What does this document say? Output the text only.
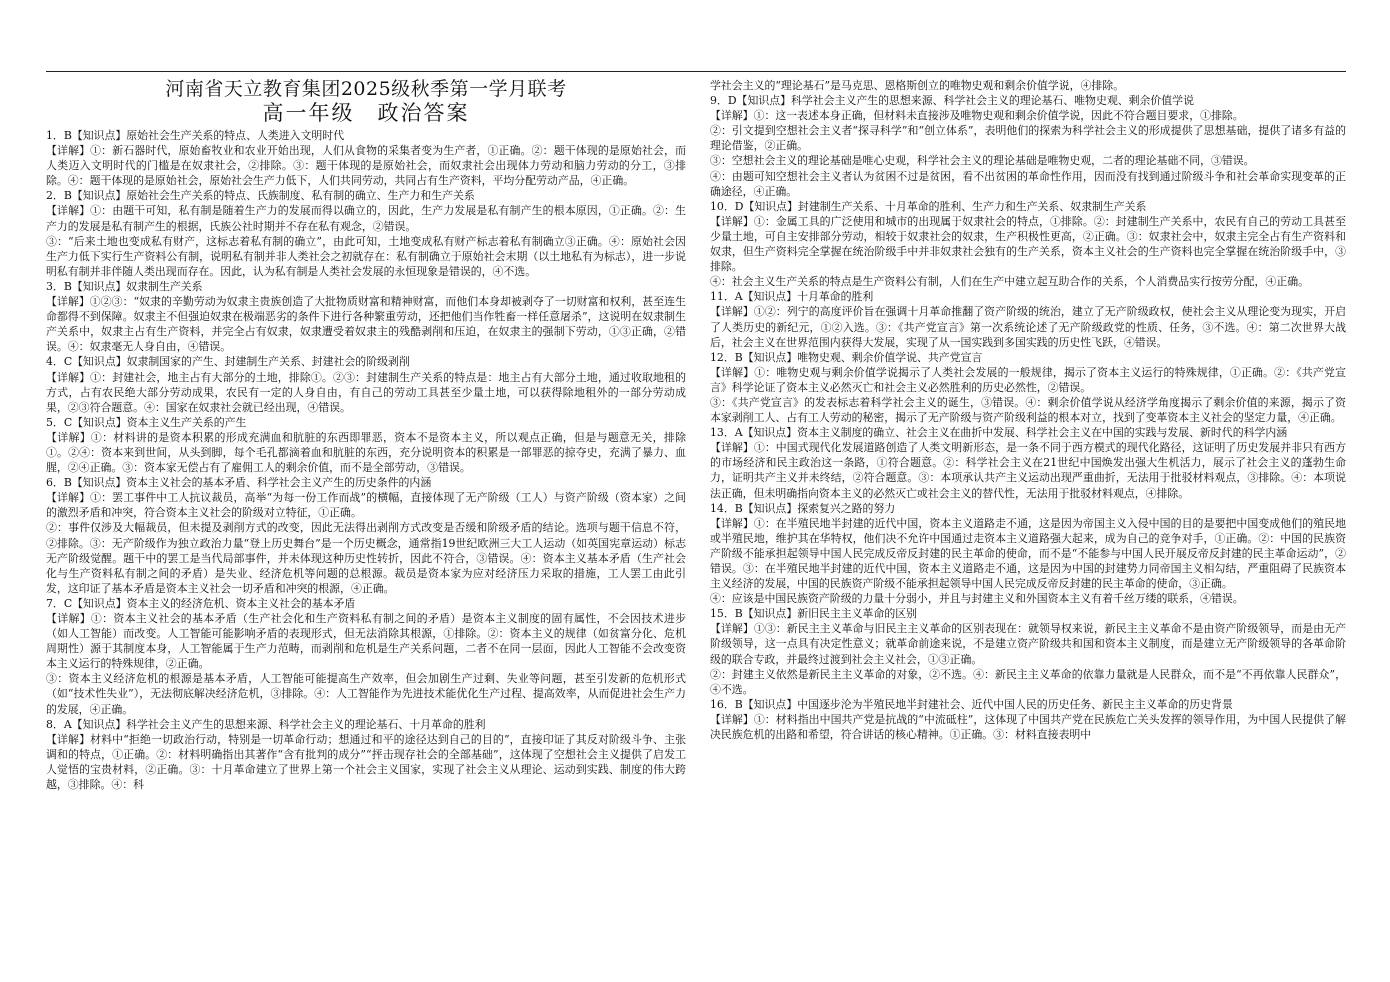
河南省天立教育集团2025级秋季第一学月联考
高一年级　政治答案

1．B【知识点】原始社会生产关系的特点、人类进入文明时代

【详解】①：新石器时代，原始畜牧业和农业开始出现，人们从食物的采集者变为生产者，①正确。②：题干体现的是原始社会，而人类迈入文明时代的门槛是在奴隶社会，②排除。③：题干体现的是原始社会，而奴隶社会出现体力劳动和脑力劳动的分工，③排除。④：题干体现的是原始社会，原始社会生产力低下，人们共同劳动，共同占有生产资料，平均分配劳动产品，④正确。

2．B【知识点】原始社会生产关系的特点、氏族制度、私有制的确立、生产力和生产关系

【详解】①：由题干可知，私有制是随着生产力的发展而得以确立的，因此，生产力发展是私有制产生的根本原因，①正确。②：生产力的发展是私有制产生的根据，氏族公社时期并不存在私有观念，②错误。

③：“后来土地也变成私有财产，这标志着私有制的确立”，由此可知，土地变成私有财产标志着私有制确立③正确。④：原始社会因生产力低下实行生产资料公有制，说明私有制并非人类社会之初就存在：私有制确立于原始社会末期（以土地私有为标志），进一步说明私有制并非伴随人类出现而存在。因此，认为私有制是人类社会发展的永恒现象是错误的，④不选。

3．B【知识点】奴隶制生产关系

【详解】①②③：“奴隶的辛勤劳动为奴隶主贵族创造了大批物质财富和精神财富，而他们本身却被剥夺了一切财富和权利，甚至连生命都得不到保障。奴隶主不但强迫奴隶在极端恶劣的条件下进行各种繁重劳动，还把他们当作牲畜一样任意屠杀”，这说明在奴隶制生产关系中，奴隶主占有生产资料，并完全占有奴隶，奴隶遭受着奴隶主的残酷剥削和压迫，在奴隶主的强制下劳动，①③正确，②错误。④：奴隶毫无人身自由，④错误。

4．C【知识点】奴隶制国家的产生、封建制生产关系、封建社会的阶级剥削

【详解】①：封建社会，地主占有大部分的土地，排除①。②③：封建制生产关系的特点是：地主占有大部分土地，通过收取地租的方式，占有农民绝大部分劳动成果，农民有一定的人身自由，有自己的劳动工具甚至少量土地，可以获得除地租外的一部分劳动成果，②③符合题意。④：国家在奴隶社会就已经出现，④错误。

5．C【知识点】资本主义生产关系的产生

【详解】①：材料讲的是资本积累的形成充满血和肮脏的东西即罪恶，资本不是资本主义，所以观点正确，但是与题意无关，排除①。②④：资本来到世间，从头到脚，每个毛孔都滴着血和肮脏的东西，充分说明资本的积累是一部罪恶的掠夺史，充满了暴力、血腥，②④正确。③：资本家无偿占有了雇佣工人的剩余价值，而不是全部劳动，③错误。

6．B【知识点】资本主义社会的基本矛盾、科学社会主义产生的历史条件的内涵

【详解】①：罢工事件中工人抗议裁员，高举“为每一份工作而战”的横幅，直接体现了无产阶级（工人）与资产阶级（资本家）之间的激烈矛盾和冲突，符合资本主义社会的阶级对立特征，①正确。

②：事件仅涉及大幅裁员，但未提及剥削方式的改变，因此无法得出剥削方式改变是否缓和阶级矛盾的结论。选项与题干信息不符，②排除。③：无产阶级作为独立政治力量“登上历史舞台”是一个历史概念，通常指19世纪欧洲三大工人运动（如英国宪章运动）标志无产阶级觉醒。题干中的罢工是当代局部事件，并未体现这种历史性转折，因此不符合，③错误。④：资本主义基本矛盾（生产社会化与生产资料私有制之间的矛盾）是失业、经济危机等问题的总根源。裁员是资本家为应对经济压力采取的措施，工人罢工由此引发，这印证了基本矛盾是资本主义社会一切矛盾和冲突的根源，④正确。

7．C【知识点】资本主义的经济危机、资本主义社会的基本矛盾

【详解】①：资本主义社会的基本矛盾（生产社会化和生产资料私有制之间的矛盾）是资本主义制度的固有属性，不会因技术进步（如人工智能）而改变。人工智能可能影响矛盾的表现形式，但无法消除其根源，①排除。②：资本主义的规律（如贫富分化、危机周期性）源于其制度本身，人工智能属于生产力范畴，而剥削和危机是生产关系问题，二者不在同一层面，因此人工智能不会改变资本主义运行的特殊规律，②正确。

③：资本主义经济危机的根源是基本矛盾，人工智能可能提高生产效率，但会加剧生产过剩、失业等问题，甚至引发新的危机形式（如“技术性失业”），无法彻底解决经济危机，③排除。④：人工智能作为先进技术能优化生产过程、提高效率，从而促进社会生产力的发展，④正确。

8．A【知识点】科学社会主义产生的思想来源、科学社会主义的理论基石、十月革命的胜利

【详解】材料中“拒绝一切政治行动，特别是一切革命行动；想通过和平的途径达到自己的目的”，直接印证了其反对阶级斗争、主张调和的特点，①正确。②：材料明确指出其著作“含有批判的成分”“抨击现存社会的全部基础”，这体现了空想社会主义提供了启发工人觉悟的宝贵材料，②正确。③：十月革命建立了世界上第一个社会主义国家，实现了社会主义从理论、运动到实践、制度的伟大跨越，③排除。④：科

学社会主义的“理论基石”是马克思、恩格斯创立的唯物史观和剩余价值学说，④排除。

9．D【知识点】科学社会主义产生的思想来源、科学社会主义的理论基石、唯物史观、剩余价值学说

【详解】①：这一表述本身正确，但材料未直接涉及唯物史观和剩余价值学说，因此不符合题目要求，①排除。

②：引文提到空想社会主义者“探寻科学”和“创立体系”，表明他们的探索为科学社会主义的形成提供了思想基础，提供了诸多有益的理论借鉴，②正确。

③：空想社会主义的理论基础是唯心史观，科学社会主义的理论基础是唯物史观，二者的理论基础不同，③错误。

④：由题可知空想社会主义者认为贫困不过是贫困，看不出贫困的革命性作用，因而没有找到通过阶级斗争和社会革命实现变革的正确途径，④正确。

10．D【知识点】封建制生产关系、十月革命的胜利、生产力和生产关系、奴隶制生产关系

【详解】①：金属工具的广泛使用和城市的出现属于奴隶社会的特点，①排除。②：封建制生产关系中，农民有自己的劳动工具甚至少量土地，可自主安排部分劳动，相较于奴隶社会的奴隶，生产积极性更高，②正确。③：奴隶社会中，奴隶主完全占有生产资料和奴隶，但生产资料完全掌握在统治阶级手中并非奴隶社会独有的生产关系，资本主义社会的生产资料也完全掌握在统治阶级手中，③排除。

④：社会主义生产关系的特点是生产资料公有制，人们在生产中建立起互助合作的关系，个人消费品实行按劳分配，④正确。

11．A【知识点】十月革命的胜利

【详解】①②：列宁的高度评价旨在强调十月革命推翻了资产阶级的统治，建立了无产阶级政权，使社会主义从理论变为现实，开启了人类历史的新纪元，①②入选。③：《共产党宣言》第一次系统论述了无产阶级政党的性质、任务，③不选。④：第二次世界大战后，社会主义在世界范围内获得大发展，实现了从一国实践到多国实践的历史性飞跃，④错误。

12．B【知识点】唯物史观、剩余价值学说、共产党宣言

【详解】①：唯物史观与剩余价值学说揭示了人类社会发展的一般规律，揭示了资本主义运行的特殊规律，①正确。②：《共产党宣言》科学论证了资本主义必然灭亡和社会主义必然胜利的历史必然性，②错误。

③：《共产党宣言》的发表标志着科学社会主义的诞生，③错误。④：剩余价值学说从经济学角度揭示了剩余价值的来源，揭示了资本家剥削工人、占有工人劳动的秘密，揭示了无产阶级与资产阶级利益的根本对立，找到了变革资本主义社会的坚定力量，④正确。

13．A【知识点】资本主义制度的确立、社会主义在曲折中发展、科学社会主义在中国的实践与发展、新时代的科学内涵

【详解】①：中国式现代化发展道路创造了人类文明新形态，是一条不同于西方模式的现代化路径，这证明了历史发展并非只有西方的市场经济和民主政治这一条路，①符合题意。②：科学社会主义在21世纪中国焕发出强大生机活力，展示了社会主义的蓬勃生命力，证明共产主义并未终结，②符合题意。③：本项承认共产主义运动出现严重曲折，无法用于批驳材料观点，③排除。④：本项说法正确，但未明确指向资本主义的必然灭亡或社会主义的替代性，无法用于批驳材料观点，④排除。

14．B【知识点】探索复兴之路的努力

【详解】①：在半殖民地半封建的近代中国，资本主义道路走不通，这是因为帝国主义入侵中国的目的是要把中国变成他们的殖民地或半殖民地，维护其在华特权，他们决不允许中国通过走资本主义道路强大起来，成为自己的竞争对手，①正确。②：中国的民族资产阶级不能承担起领导中国人民完成反帝反封建的民主革命的使命，而不是“不能参与中国人民开展反帝反封建的民主革命运动”，②错误。③：在半殖民地半封建的近代中国，资本主义道路走不通，这是因为中国的封建势力同帝国主义相勾结，严重阻碍了民族资本主义经济的发展，中国的民族资产阶级不能承担起领导中国人民完成反帝反封建的民主革命的使命，③正确。

④：应该是中国民族资产阶级的力量十分弱小，并且与封建主义和外国资本主义有着千丝万缕的联系，④错误。

15．B【知识点】新旧民主主义革命的区别

【详解】①③：新民主主义革命与旧民主主义革命的区别表现在：就领导权来说，新民主主义革命不是由资产阶级领导，而是由无产阶级领导，这一点具有决定性意义；就革命前途来说，不是建立资产阶级共和国和资本主义制度，而是建立无产阶级领导的各革命阶级的联合专政，并最终过渡到社会主义社会，①③正确。

②：封建主义依然是新民主主义革命的对象，②不选。④：新民主主义革命的依靠力量就是人民群众，而不是“不再依靠人民群众”，④不选。

16．B【知识点】中国逐步沦为半殖民地半封建社会、近代中国人民的历史任务、新民主主义革命的历史背景

【详解】①：材料指出中国共产党是抗战的“中流砥柱”，这体现了中国共产党在民族危亡关头发挥的领导作用，为中国人民提供了解决民族危机的出路和希望，符合讲话的核心精神。①正确。③：材料直接表明中
